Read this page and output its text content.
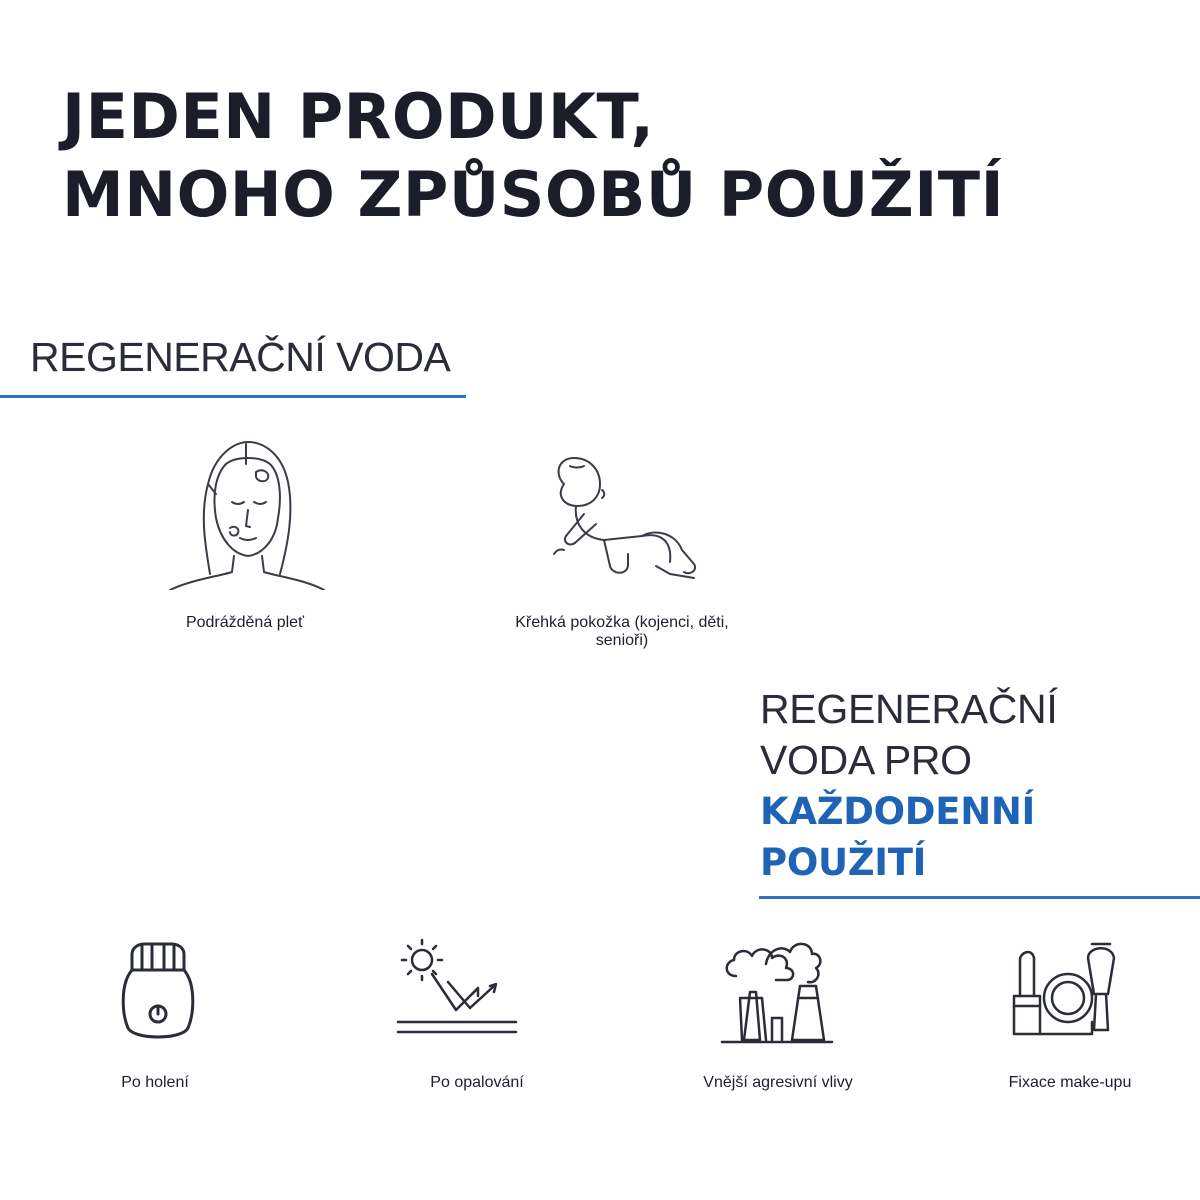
JEDEN PRODUKT,
MNOHO ZPŮSOBŮ POUŽITÍ
REGENERAČNÍ VODA
Podrážděná pleť	Křehká pokožka (kojenci, děti, senioři)
REGENERAČNÍ
VODA PRO
KAŽDODENNÍ
POUŽITÍ
Po holení	Po opalování	Vnější agresivní vlivy	Fixace make-upu
